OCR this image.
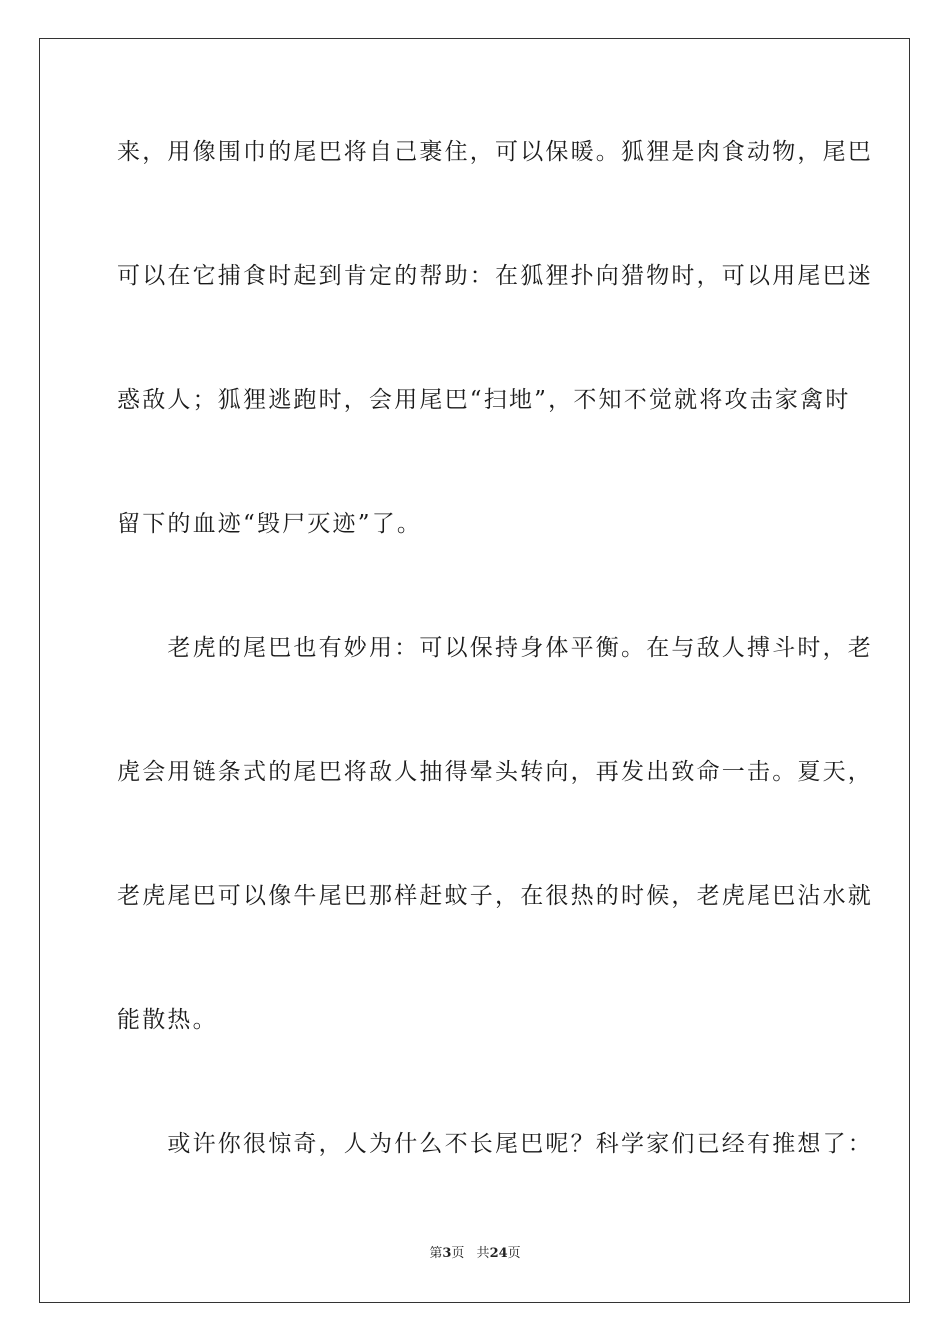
来，用像围巾的尾巴将自己裹住，可以保暖。狐狸是肉食动物，尾巴
可以在它捕食时起到肯定的帮助：在狐狸扑向猎物时，可以用尾巴迷
惑敌人；狐狸逃跑时，会用尾巴“扫地”，不知不觉就将攻击家禽时
留下的血迹“毁尸灭迹”了。
　　老虎的尾巴也有妙用：可以保持身体平衡。在与敌人搏斗时，老
虎会用链条式的尾巴将敌人抽得晕头转向，再发出致命一击。夏天，
老虎尾巴可以像牛尾巴那样赶蚊子，在很热的时候，老虎尾巴沾水就
能散热。
　　或许你很惊奇，人为什么不长尾巴呢？科学家们已经有推想了：
第3页 共24页
